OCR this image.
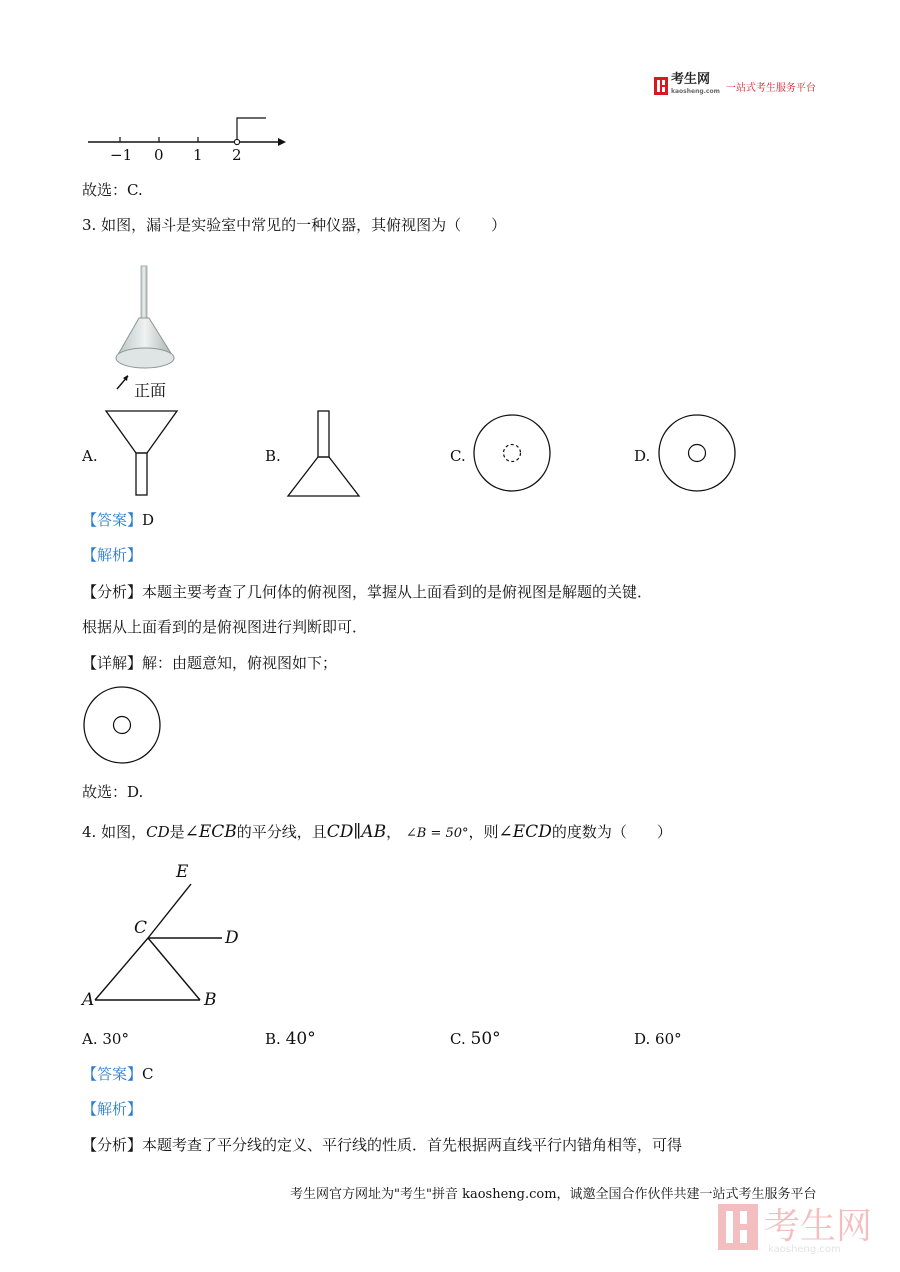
考生网
kaosheng.com 一站式考生服务平台
−1 0 1 2
故选：C.
3. 如图，漏斗是实验室中常见的一种仪器，其俯视图为（　　）
正面
A.	B.	C.	D.
【答案】D
【解析】
【分析】本题主要考查了几何体的俯视图，掌握从上面看到的是俯视图是解题的关键．
根据从上面看到的是俯视图进行判断即可．
【详解】解：由题意知，俯视图如下；
故选：D.
4. 如图，CD是∠ECB的平分线，且CD∥AB， ∠B = 50°，则∠ECD的度数为（　　）
E
C	D
A	B
A. 30°	B. 40°	C. 50°	D. 60°
【答案】C
【解析】
【分析】本题考查了平分线的定义、平行线的性质．首先根据两直线平行内错角相等，可得
考生网官方网址为"考生"拼音 kaosheng.com，诚邀全国合作伙伴共建一站式考生服务平台
考生网
kaosheng.com
